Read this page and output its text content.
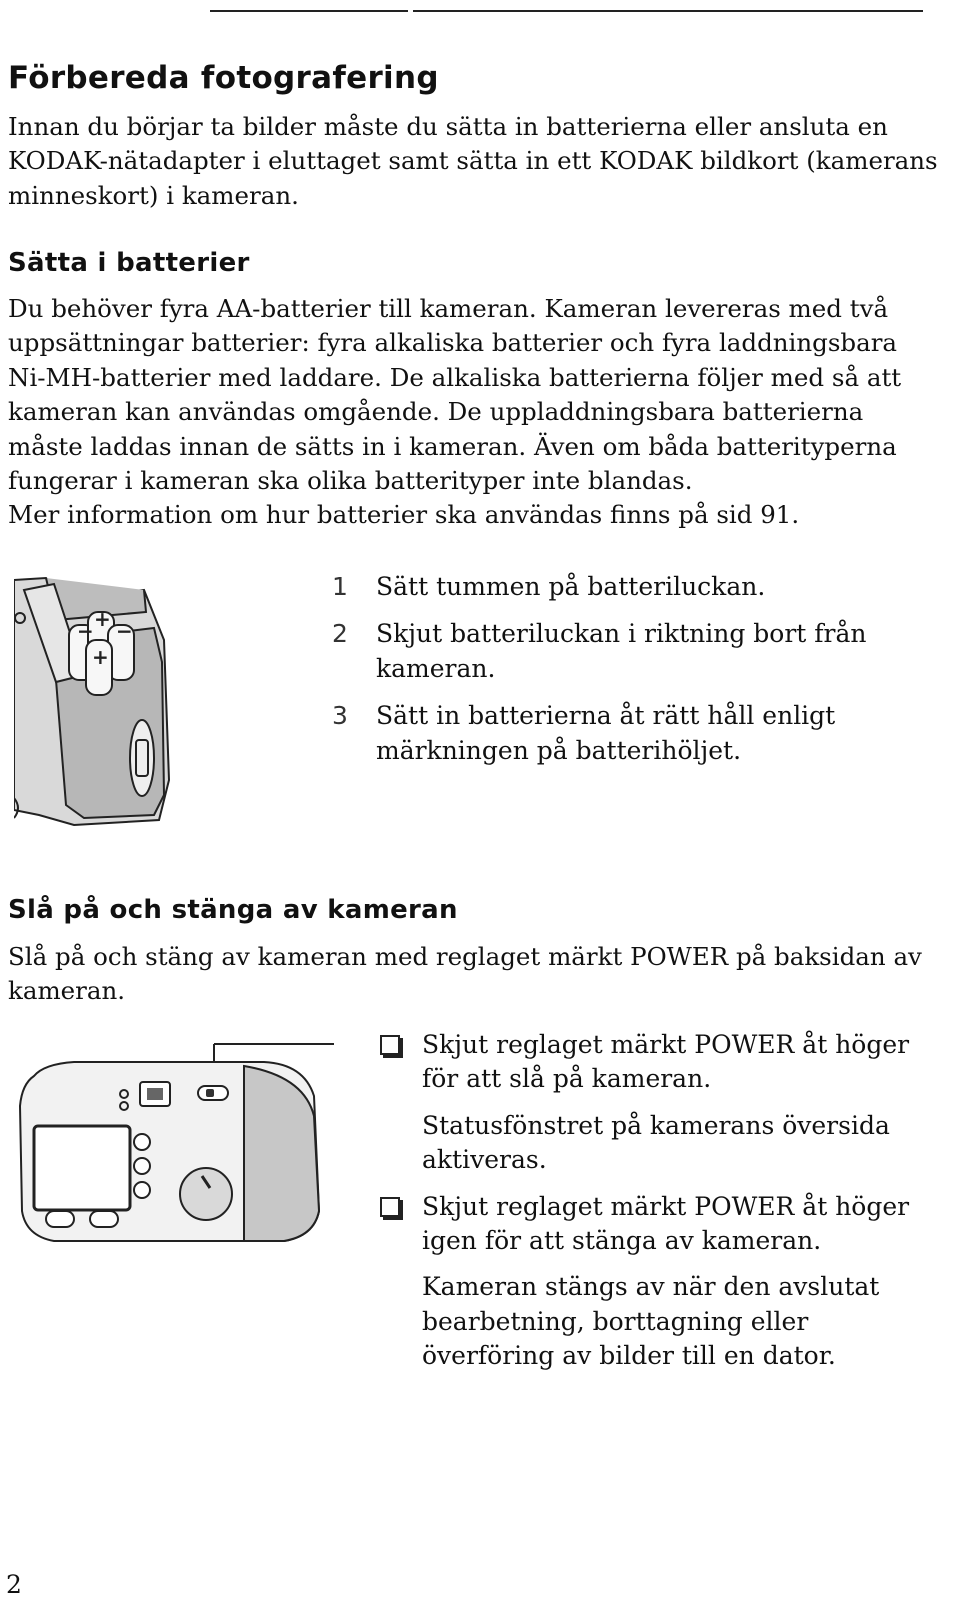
Förbereda fotografering

Innan du börjar ta bilder måste du sätta in batterierna eller ansluta en KODAK-nätadapter i eluttaget samt sätta in ett KODAK bildkort (kamerans minneskort) i kameran.

Sätta i batterier

Du behöver fyra AA-batterier till kameran. Kameran levereras med två uppsättningar batterier: fyra alkaliska batterier och fyra laddningsbara Ni-MH-batterier med laddare. De alkaliska batterierna följer med så att kameran kan användas omgående. De uppladdningsbara batterierna måste laddas innan de sätts in i kameran. Även om båda batterityperna fungerar i kameran ska olika batterityper inte blandas.

Mer information om hur batterier ska användas finns på sid 91.

− + −
+
1 Sätt tummen på batteriluckan.
2 Skjut batteriluckan i riktning bort från kameran.
3 Sätt in batterierna åt rätt håll enligt märkningen på batterihöljet.
Slå på och stänga av kameran

Slå på och stäng av kameran med reglaget märkt POWER på baksidan av kameran.

Skjut reglaget märkt POWER åt höger för att slå på kameran.
Statusfönstret på kamerans översida aktiveras.
Skjut reglaget märkt POWER åt höger igen för att stänga av kameran.
Kameran stängs av när den avslutat bearbetning, borttagning eller överföring av bilder till en dator.
2
